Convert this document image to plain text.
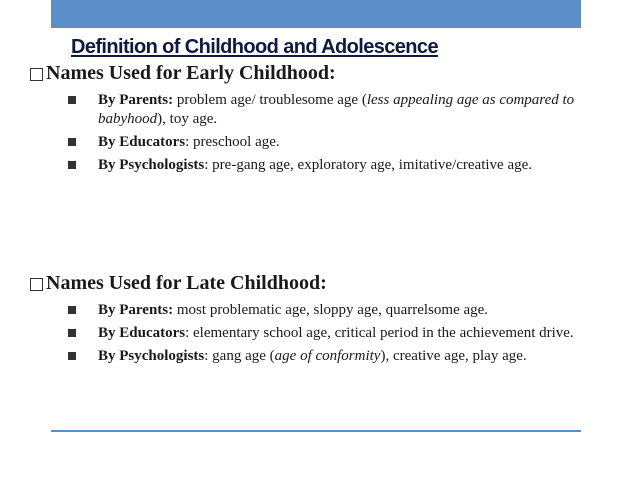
Definition of Childhood and Adolescence
Names Used for Early Childhood:
By Parents: problem age/ troublesome age (less appealing age as compared to babyhood), toy age.
By Educators: preschool age.
By Psychologists: pre-gang age, exploratory age, imitative/creative age.
Names Used for Late Childhood:
By Parents: most problematic age, sloppy age, quarrelsome age.
By Educators: elementary school age, critical period in the achievement drive.
By Psychologists: gang age (age of conformity), creative age, play age.
